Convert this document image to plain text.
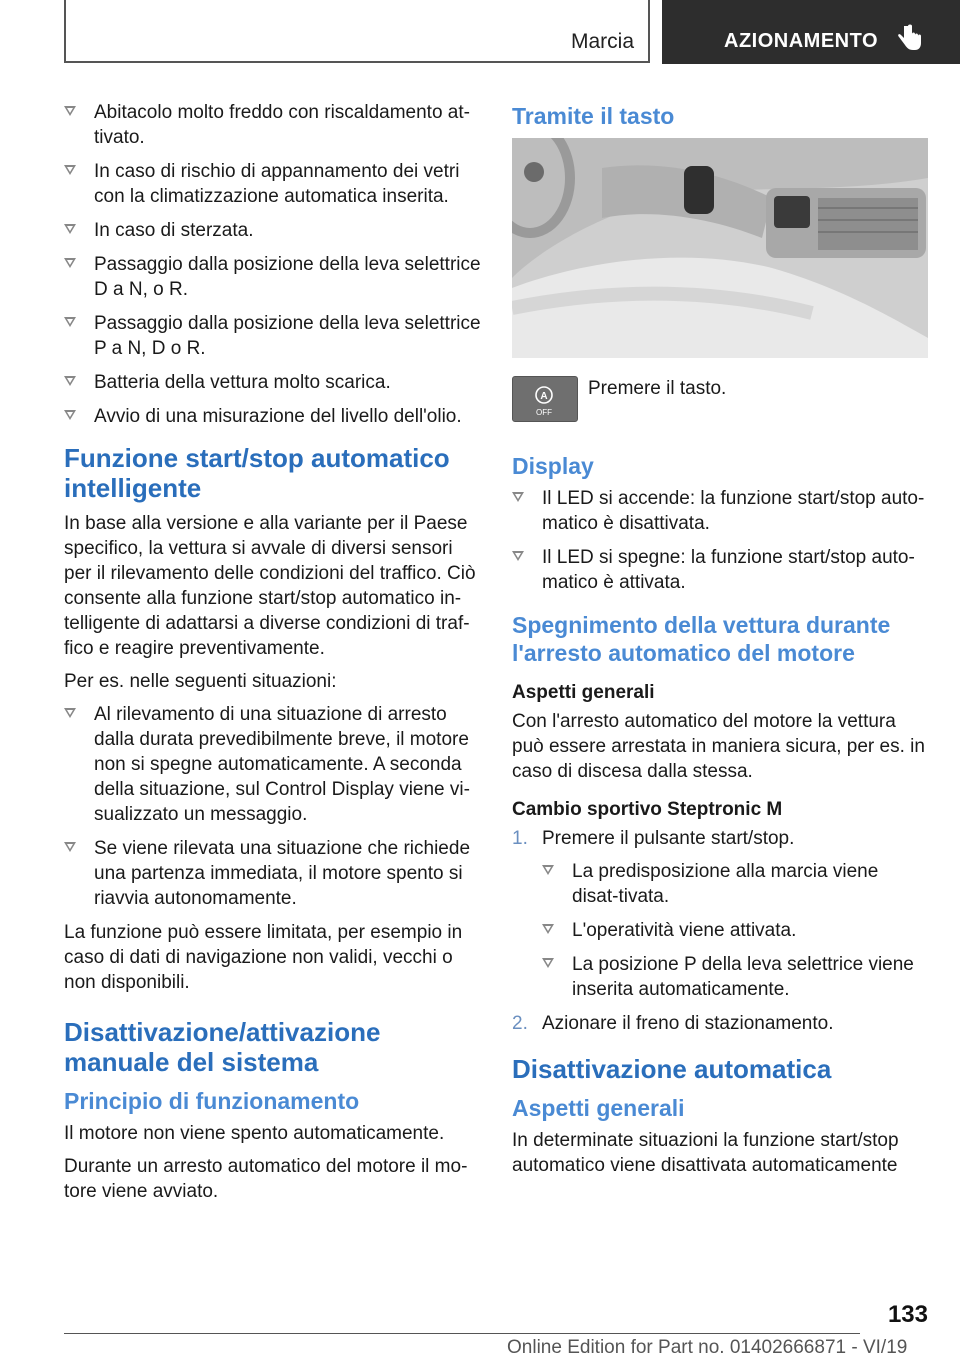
Marcia	AZIONAMENTO
Abitacolo molto freddo con riscaldamento at-tivato.
In caso di rischio di appannamento dei vetri con la climatizzazione automatica inserita.
In caso di sterzata.
Passaggio dalla posizione della leva selettrice D a N, o R.
Passaggio dalla posizione della leva selettrice P a N, D o R.
Batteria della vettura molto scarica.
Avvio di una misurazione del livello dell'olio.
Funzione start/stop automatico intelligente
In base alla versione e alla variante per il Paese specifico, la vettura si avvale di diversi sensori per il rilevamento delle condizioni del traffico. Ciò consente alla funzione start/stop automatico in-telligente di adattarsi a diverse condizioni di traf-fico e reagire preventivamente.
Per es. nelle seguenti situazioni:
Al rilevamento di una situazione di arresto dalla durata prevedibilmente breve, il motore non si spegne automaticamente. A seconda della situazione, sul Control Display viene vi-sualizzato un messaggio.
Se viene rilevata una situazione che richiede una partenza immediata, il motore spento si riavvia autonomamente.
La funzione può essere limitata, per esempio in caso di dati di navigazione non validi, vecchi o non disponibili.
Disattivazione/attivazione manuale del sistema
Principio di funzionamento
Il motore non viene spento automaticamente.
Durante un arresto automatico del motore il mo-tore viene avviato.
Tramite il tasto
A
OFF
Premere il tasto.
Display
Il LED si accende: la funzione start/stop auto-matico è disattivata.
Il LED si spegne: la funzione start/stop auto-matico è attivata.
Spegnimento della vettura durante l'arresto automatico del motore
Aspetti generali
Con l'arresto automatico del motore la vettura può essere arrestata in maniera sicura, per es. in caso di discesa dalla stessa.
Cambio sportivo Steptronic M
1. Premere il pulsante start/stop.
La predisposizione alla marcia viene disat-tivata.
L'operatività viene attivata.
La posizione P della leva selettrice viene inserita automaticamente.
2. Azionare il freno di stazionamento.
Disattivazione automatica
Aspetti generali
In determinate situazioni la funzione start/stop automatico viene disattivata automaticamente
133
Online Edition for Part no. 01402666871 - VI/19
